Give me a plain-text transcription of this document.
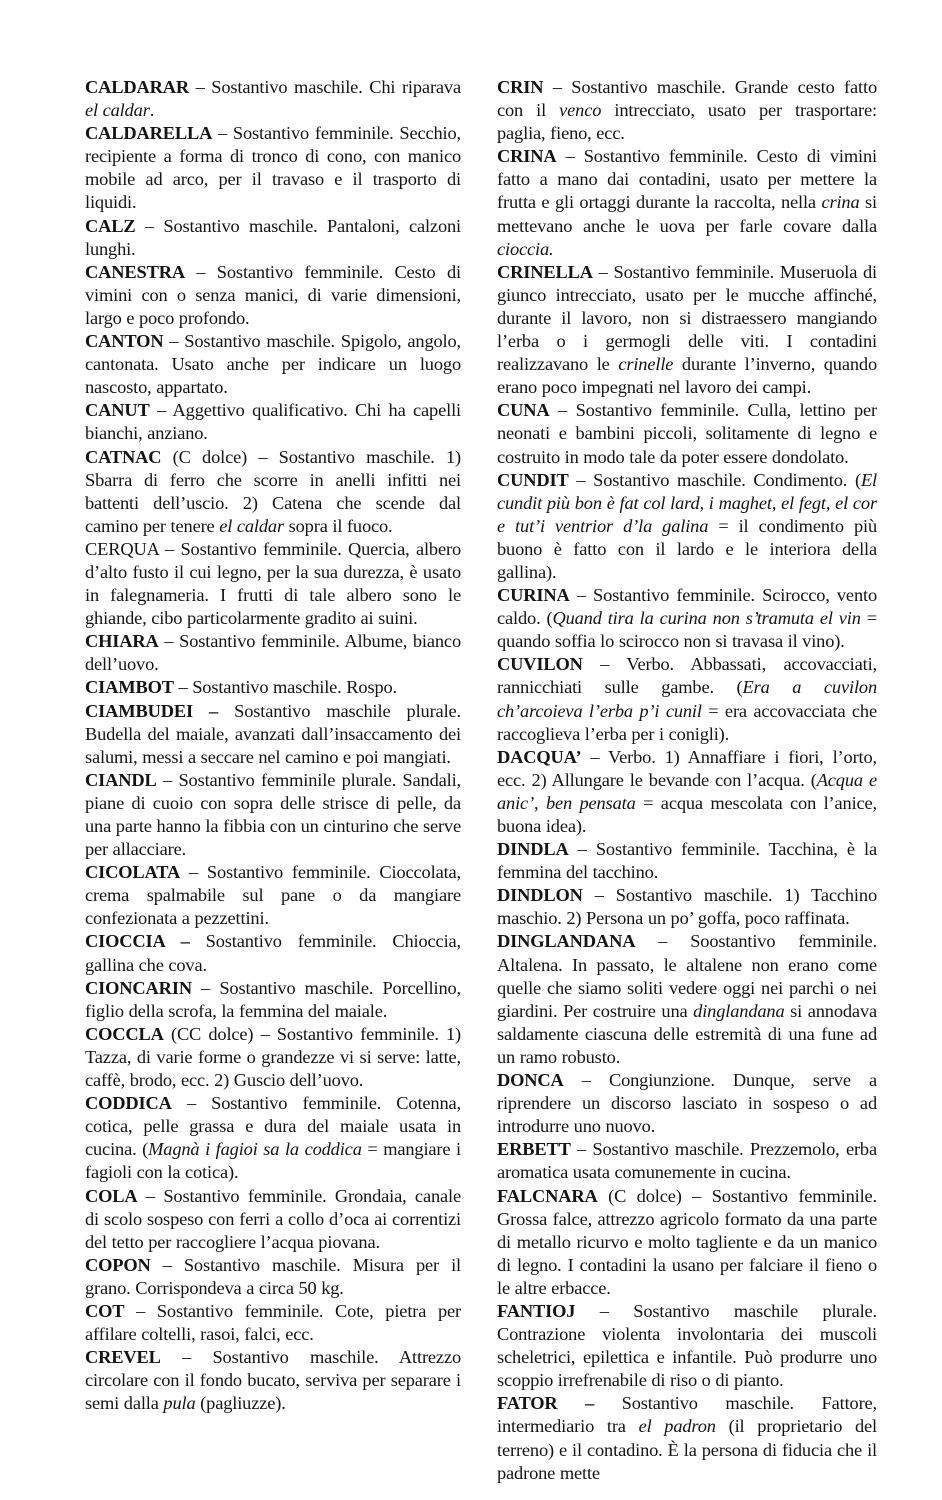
CALDARAR – Sostantivo maschile. Chi riparava el caldar.

CALDARELLA – Sostantivo femminile. Secchio, recipiente a forma di tronco di cono, con manico mobile ad arco, per il travaso e il trasporto di liquidi.

CALZ – Sostantivo maschile. Pantaloni, calzoni lunghi.

CANESTRA – Sostantivo femminile. Cesto di vimini con o senza manici, di varie dimensioni, largo e poco profondo.

CANTON – Sostantivo maschile. Spigolo, angolo, cantonata. Usato anche per indicare un luogo nascosto, appartato.

CANUT – Aggettivo qualificativo. Chi ha capelli bianchi, anziano.

CATNAC (C dolce) – Sostantivo maschile. 1) Sbarra di ferro che scorre in anelli infitti nei battenti dell’uscio. 2) Catena che scende dal camino per tenere el caldar sopra il fuoco.

CERQUA – Sostantivo femminile. Quercia, albero d’alto fusto il cui legno, per la sua durezza, è usato in falegnameria. I frutti di tale albero sono le ghiande, cibo particolarmente gradito ai suini.

CHIARA – Sostantivo femminile. Albume, bianco dell’uovo.

CIAMBOT – Sostantivo maschile. Rospo.

CIAMBUDEI – Sostantivo maschile plurale. Budella del maiale, avanzati dall’insaccamento dei salumi, messi a seccare nel camino e poi mangiati.

CIANDL – Sostantivo femminile plurale. Sandali, piane di cuoio con sopra delle strisce di pelle, da una parte hanno la fibbia con un cinturino che serve per allacciare.

CICOLATA – Sostantivo femminile. Cioccolata, crema spalmabile sul pane o da mangiare confezionata a pezzettini.

CIOCCIA – Sostantivo femminile. Chioccia, gallina che cova.

CIONCARIN – Sostantivo maschile. Porcellino, figlio della scrofa, la femmina del maiale.

COCCLA (CC dolce) – Sostantivo femminile. 1) Tazza, di varie forme o grandezze vi si serve: latte, caffè, brodo, ecc. 2) Guscio dell’uovo.

CODDICA – Sostantivo femminile. Cotenna, cotica, pelle grassa e dura del maiale usata in cucina. (Magnà i fagioi sa la coddica = mangiare i fagioli con la cotica).

COLA – Sostantivo femminile. Grondaia, canale di scolo sospeso con ferri a collo d’oca ai correntizi del tetto per raccogliere l’acqua piovana.

COPON – Sostantivo maschile. Misura per il grano. Corrispondeva a circa 50 kg.

COT – Sostantivo femminile. Cote, pietra per affilare coltelli, rasoi, falci, ecc.

CREVEL – Sostantivo maschile. Attrezzo circolare con il fondo bucato, serviva per separare i semi dalla pula (pagliuzze).

CRIN – Sostantivo maschile. Grande cesto fatto con il venco intrecciato, usato per trasportare: paglia, fieno, ecc.

CRINA – Sostantivo femminile. Cesto di vimini fatto a mano dai contadini, usato per mettere la frutta e gli ortaggi durante la raccolta, nella crina si mettevano anche le uova per farle covare dalla cioccia.

CRINELLA – Sostantivo femminile. Museruola di giunco intrecciato, usato per le mucche affinché, durante il lavoro, non si distraessero mangiando l’erba o i germogli delle viti. I contadini realizzavano le crinelle durante l’inverno, quando erano poco impegnati nel lavoro dei campi.

CUNA – Sostantivo femminile. Culla, lettino per neonati e bambini piccoli, solitamente di legno e costruito in modo tale da poter essere dondolato.

CUNDIT – Sostantivo maschile. Condimento. (El cundit più bon è fat col lard, i maghet, el fegt, el cor e tut’i ventrior d’la galina = il condimento più buono è fatto con il lardo e le interiora della gallina).

CURINA – Sostantivo femminile. Scirocco, vento caldo. (Quand tira la curina non s’tramuta el vin = quando soffia lo scirocco non si travasa il vino).

CUVILON – Verbo. Abbassati, accovacciati, rannicchiati sulle gambe. (Era a cuvilon ch’arcoieva l’erba p’i cunil = era accovacciata che raccoglieva l’erba per i conigli).

DACQUA’ – Verbo. 1) Annaffiare i fiori, l’orto, ecc. 2) Allungare le bevande con l’acqua. (Acqua e anic’, ben pensata = acqua mescolata con l’anice, buona idea).

DINDLA – Sostantivo femminile. Tacchina, è la femmina del tacchino.

DINDLON – Sostantivo maschile. 1) Tacchino maschio. 2) Persona un po’ goffa, poco raffinata.

DINGLANDANA – Soostantivo femminile. Altalena. In passato, le altalene non erano come quelle che siamo soliti vedere oggi nei parchi o nei giardini. Per costruire una dinglandana si annodava saldamente ciascuna delle estremità di una fune ad un ramo robusto.

DONCA – Congiunzione. Dunque, serve a riprendere un discorso lasciato in sospeso o ad introdurre uno nuovo.

ERBETT – Sostantivo maschile. Prezzemolo, erba aromatica usata comunemente in cucina.

FALCNARA (C dolce) – Sostantivo femminile. Grossa falce, attrezzo agricolo formato da una parte di metallo ricurvo e molto tagliente e da un manico di legno. I contadini la usano per falciare il fieno o le altre erbacce.

FANTIOJ – Sostantivo maschile plurale. Contrazione violenta involontaria dei muscoli scheletrici, epilettica e infantile. Può produrre uno scoppio irrefrenabile di riso o di pianto.

FATOR – Sostantivo maschile. Fattore, intermediario tra el padron (il proprietario del terreno) e il contadino. È la persona di fiducia che il padrone mette
